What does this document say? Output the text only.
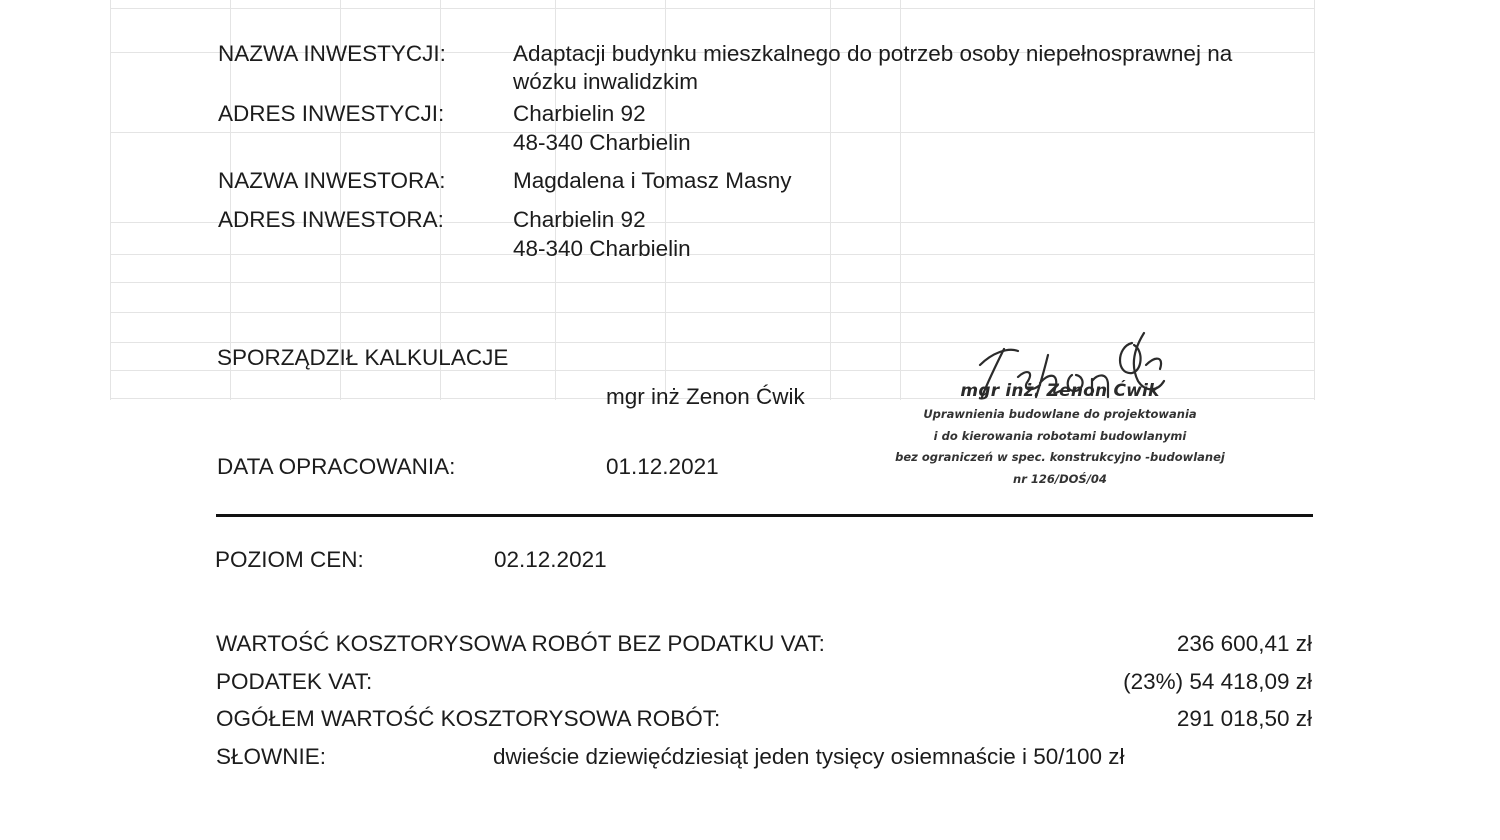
NAZWA INWESTYCJI:	Adaptacji budynku mieszkalnego do potrzeb osoby niepełnosprawnej na
wózku inwalidzkim
ADRES INWESTYCJI:	Charbielin 92
48-340 Charbielin
NAZWA INWESTORA:	Magdalena i Tomasz Masny
ADRES INWESTORA:	Charbielin 92
48-340 Charbielin
SPORZĄDZIŁ KALKULACJE
mgr inż Zenon Ćwik
DATA OPRACOWANIA:	01.12.2021
mgr inż. Zenon Ćwik
Uprawnienia budowlane do projektowania
i do kierowania robotami budowlanymi
bez ograniczeń w spec. konstrukcyjno -budowlanej
nr 126/DOŚ/04
POZIOM CEN:	02.12.2021
WARTOŚĆ KOSZTORYSOWA ROBÓT BEZ PODATKU VAT:	236 600,41 zł
PODATEK VAT:	(23%) 54 418,09 zł
OGÓŁEM WARTOŚĆ KOSZTORYSOWA ROBÓT:	291 018,50 zł
SŁOWNIE:	dwieście dziewięćdziesiąt jeden tysięcy osiemnaście i 50/100 zł
